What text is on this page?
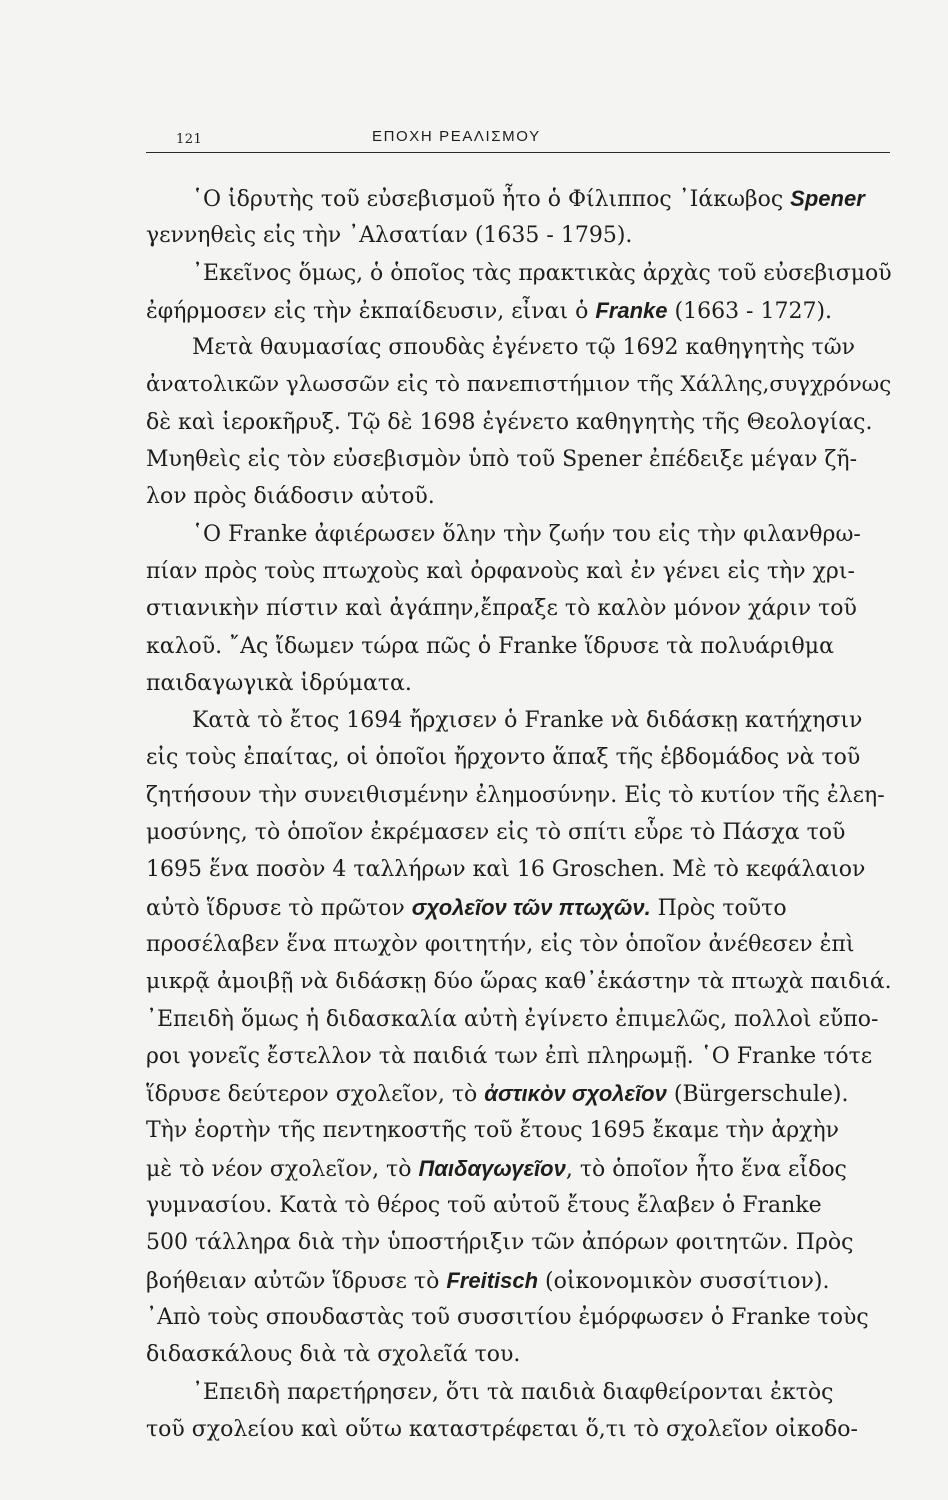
121	ΕΠΟΧΗ ΡΕΑΛΙΣΜΟΥ
῾Ο ἱδρυτὴς τοῦ εὐσεβισμοῦ ἦτο ὁ Φίλιππος ᾿Ιάκωβος Spener
γεννηθεὶς εἰς τὴν ᾿Αλσατίαν (1635 - 1795).
᾿Εκεῖνος ὅμως, ὁ ὁποῖος τὰς πρακτικὰς ἀρχὰς τοῦ εὐσεβισμοῦ
ἐφήρμοσεν εἰς τὴν ἐκπαίδευσιν, εἶναι ὁ Franke (1663 - 1727).
Μετὰ θαυμασίας σπουδὰς ἐγένετο τῷ 1692 καθηγητὴς τῶν
ἀνατολικῶν γλωσσῶν εἰς τὸ πανεπιστήμιον τῆς Χάλλης,συγχρόνως
δὲ καὶ ἱεροκῆρυξ. Τῷ δὲ 1698 ἐγένετο καθηγητὴς τῆς Θεολογίας.
Μυηθεὶς εἰς τὸν εὐσεβισμὸν ὑπὸ τοῦ Spener ἐπέδειξε μέγαν ζῆ-
λον πρὸς διάδοσιν αὐτοῦ.
῾Ο Franke ἀφιέρωσεν ὅλην τὴν ζωήν του εἰς τὴν φιλανθρω-
πίαν πρὸς τοὺς πτωχοὺς καὶ ὀρφανοὺς καὶ ἐν γένει εἰς τὴν χρι-
στιανικὴν πίστιν καὶ ἀγάπην,ἔπραξε τὸ καλὸν μόνον χάριν τοῦ
καλοῦ. ῎Ας ἴδωμεν τώρα πῶς ὁ Franke ἵδρυσε τὰ πολυάριθμα
παιδαγωγικὰ ἱδρύματα.
Κατὰ τὸ ἔτος 1694 ἤρχισεν ὁ Franke νὰ διδάσκῃ κατήχησιν
εἰς τοὺς ἐπαίτας, οἱ ὁποῖοι ἤρχοντο ἅπαξ τῆς ἑβδομάδος νὰ τοῦ
ζητήσουν τὴν συνειθισμένην ἐλημοσύνην. Εἰς τὸ κυτίον τῆς ἐλεη-
μοσύνης, τὸ ὁποῖον ἐκρέμασεν εἰς τὸ σπίτι εὗρε τὸ Πάσχα τοῦ
1695 ἕνα ποσὸν 4 ταλλήρων καὶ 16 Groschen. Μὲ τὸ κεφάλαιον
αὐτὸ ἵδρυσε τὸ πρῶτον σχολεῖον τῶν πτωχῶν. Πρὸς τοῦτο
προσέλαβεν ἕνα πτωχὸν φοιτητήν, εἰς τὸν ὁποῖον ἀνέθεσεν ἐπὶ
μικρᾷ ἀμοιβῇ νὰ διδάσκῃ δύο ὥρας καθ᾿ἑκάστην τὰ πτωχὰ παιδιά.
᾿Επειδὴ ὅμως ἡ διδασκαλία αὐτὴ ἐγίνετο ἐπιμελῶς, πολλοὶ εὔπο-
ροι γονεῖς ἔστελλον τὰ παιδιά των ἐπὶ πληρωμῇ. ῾Ο Franke τότε
ἵδρυσε δεύτερον σχολεῖον, τὸ ἀστικὸν σχολεῖον (Bürgerschule).
Τὴν ἑορτὴν τῆς πεντηκοστῆς τοῦ ἔτους 1695 ἔκαμε τὴν ἀρχὴν
μὲ τὸ νέον σχολεῖον, τὸ Παιδαγωγεῖον, τὸ ὁποῖον ἦτο ἕνα εἶδος
γυμνασίου. Κατὰ τὸ θέρος τοῦ αὐτοῦ ἔτους ἔλαβεν ὁ Franke
500 τάλληρα διὰ τὴν ὑποστήριξιν τῶν ἀπόρων φοιτητῶν. Πρὸς
βοήθειαν αὐτῶν ἵδρυσε τὸ Freitisch (οἰκονομικὸν συσσίτιον).
᾿Απὸ τοὺς σπουδαστὰς τοῦ συσσιτίου ἐμόρφωσεν ὁ Franke τοὺς
διδασκάλους διὰ τὰ σχολεῖά του.
᾿Επειδὴ παρετήρησεν, ὅτι τὰ παιδιὰ διαφθείρονται ἐκτὸς
τοῦ σχολείου καὶ οὕτω καταστρέφεται ὅ,τι τὸ σχολεῖον οἰκοδο-
